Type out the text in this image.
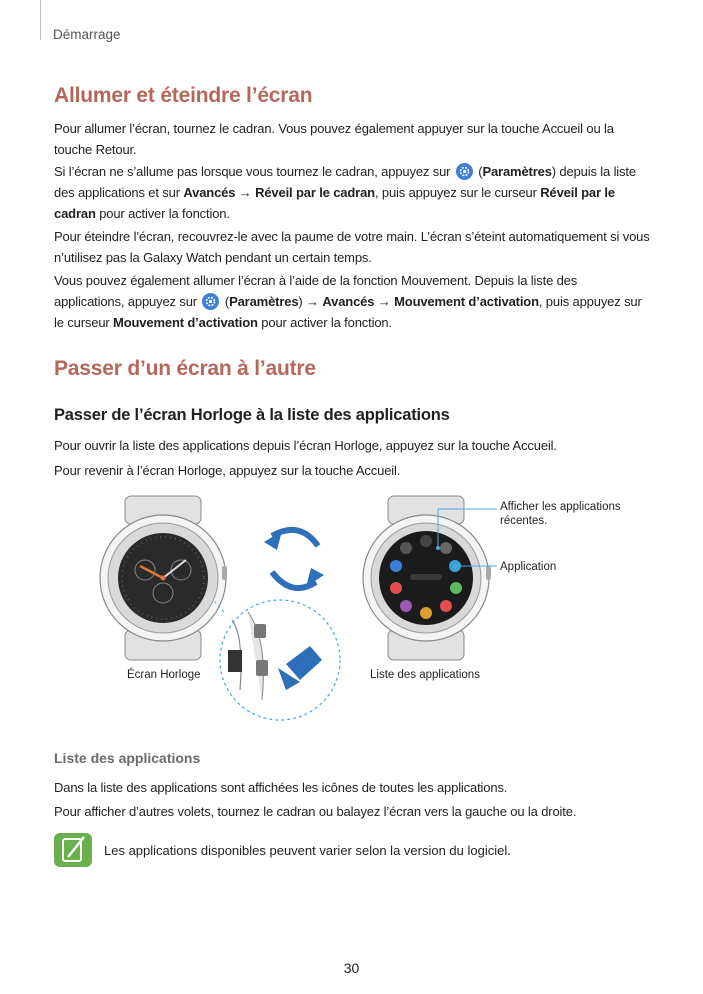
Démarrage
Allumer et éteindre l’écran
Pour allumer l’écran, tournez le cadran. Vous pouvez également appuyer sur la touche Accueil ou la touche Retour.
Si l’écran ne s’allume pas lorsque vous tournez le cadran, appuyez sur
(Paramètres) depuis la liste des applications et sur Avancés → Réveil par le cadran, puis appuyez sur le curseur Réveil par le cadran pour activer la fonction.
Pour éteindre l’écran, recouvrez-le avec la paume de votre main. L’écran s’éteint automatiquement si vous n’utilisez pas la Galaxy Watch pendant un certain temps.
Vous pouvez également allumer l’écran à l’aide de la fonction Mouvement. Depuis la liste des applications, appuyez sur
(Paramètres) → Avancés → Mouvement d’activation, puis appuyez sur le curseur Mouvement d’activation pour activer la fonction.
Passer d’un écran à l’autre
Passer de l’écran Horloge à la liste des applications
Pour ouvrir la liste des applications depuis l’écran Horloge, appuyez sur la touche Accueil.
Pour revenir à l’écran Horloge, appuyez sur la touche Accueil.
Afficher les applications
récentes.
Application
Écran Horloge	Liste des applications
Liste des applications
Dans la liste des applications sont affichées les icônes de toutes les applications.
Pour afficher d’autres volets, tournez le cadran ou balayez l’écran vers la gauche ou la droite.
Les applications disponibles peuvent varier selon la version du logiciel.
30
